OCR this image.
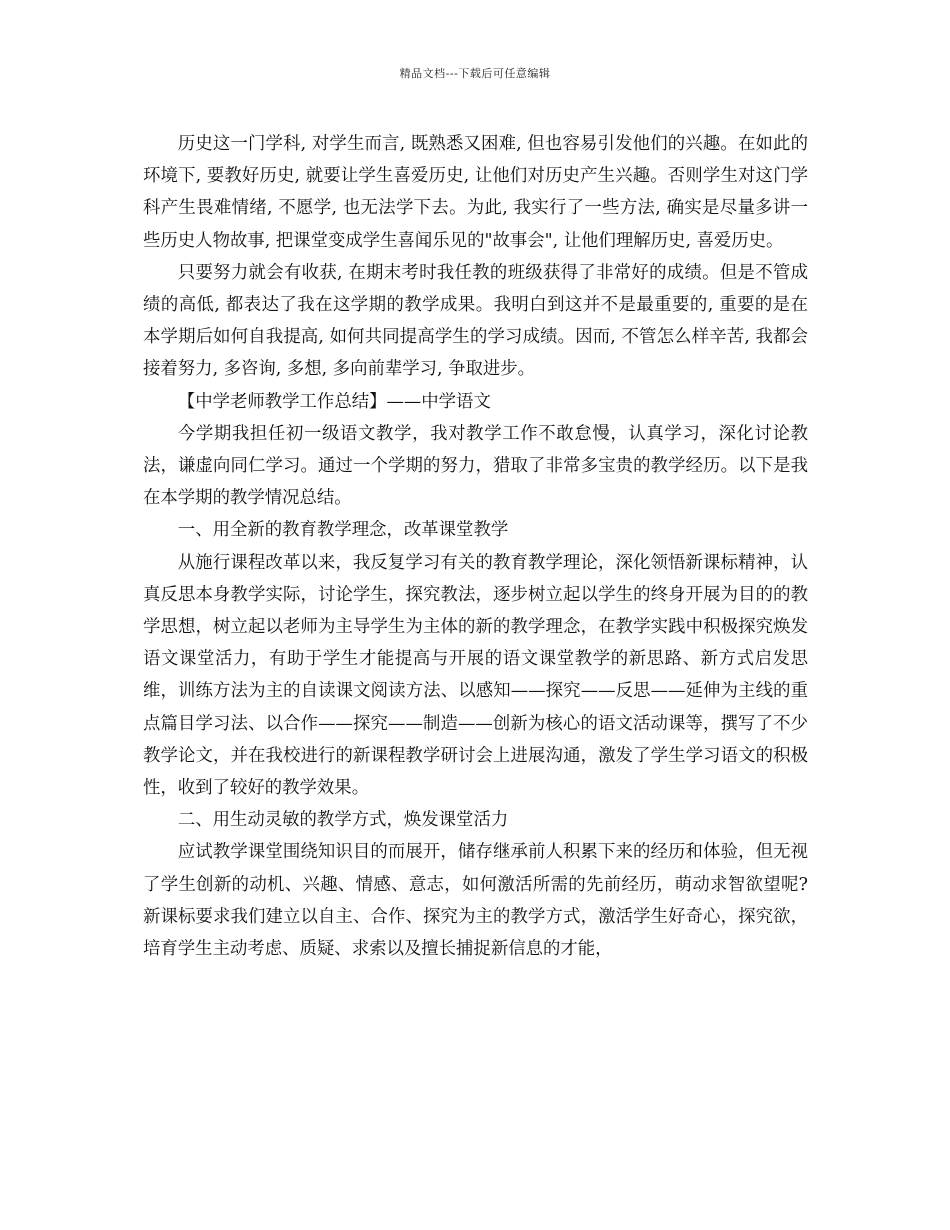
精品文档---下载后可任意编辑

历史这一门学科, 对学生而言, 既熟悉又困难, 但也容易引发他们的兴趣。在如此的环境下, 要教好历史, 就要让学生喜爱历史, 让他们对历史产生兴趣。否则学生对这门学科产生畏难情绪, 不愿学, 也无法学下去。为此, 我实行了一些方法, 确实是尽量多讲一些历史人物故事, 把课堂变成学生喜闻乐见的"故事会", 让他们理解历史, 喜爱历史。

只要努力就会有收获, 在期末考时我任教的班级获得了非常好的成绩。但是不管成绩的高低, 都表达了我在这学期的教学成果。我明白到这并不是最重要的, 重要的是在本学期后如何自我提高, 如何共同提高学生的学习成绩。因而, 不管怎么样辛苦, 我都会接着努力, 多咨询, 多想, 多向前辈学习, 争取进步。

【中学老师教学工作总结】——中学语文

今学期我担任初一级语文教学，我对教学工作不敢怠慢，认真学习，深化讨论教法，谦虚向同仁学习。通过一个学期的努力，猎取了非常多宝贵的教学经历。以下是我在本学期的教学情况总结。

一、用全新的教育教学理念，改革课堂教学

从施行课程改革以来，我反复学习有关的教育教学理论，深化领悟新课标精神，认真反思本身教学实际，讨论学生，探究教法，逐步树立起以学生的终身开展为目的的教学思想，树立起以老师为主导学生为主体的新的教学理念，在教学实践中积极探究焕发语文课堂活力，有助于学生才能提高与开展的语文课堂教学的新思路、新方式启发思维，训练方法为主的自读课文阅读方法、以感知——探究——反思——延伸为主线的重点篇目学习法、以合作——探究——制造——创新为核心的语文活动课等，撰写了不少教学论文，并在我校进行的新课程教学研讨会上进展沟通，激发了学生学习语文的积极性，收到了较好的教学效果。

二、用生动灵敏的教学方式，焕发课堂活力

应试教学课堂围绕知识目的而展开，储存继承前人积累下来的经历和体验，但无视了学生创新的动机、兴趣、情感、意志，如何激活所需的先前经历，萌动求智欲望呢?新课标要求我们建立以自主、合作、探究为主的教学方式，激活学生好奇心，探究欲，培育学生主动考虑、质疑、求索以及擅长捕捉新信息的才能，
